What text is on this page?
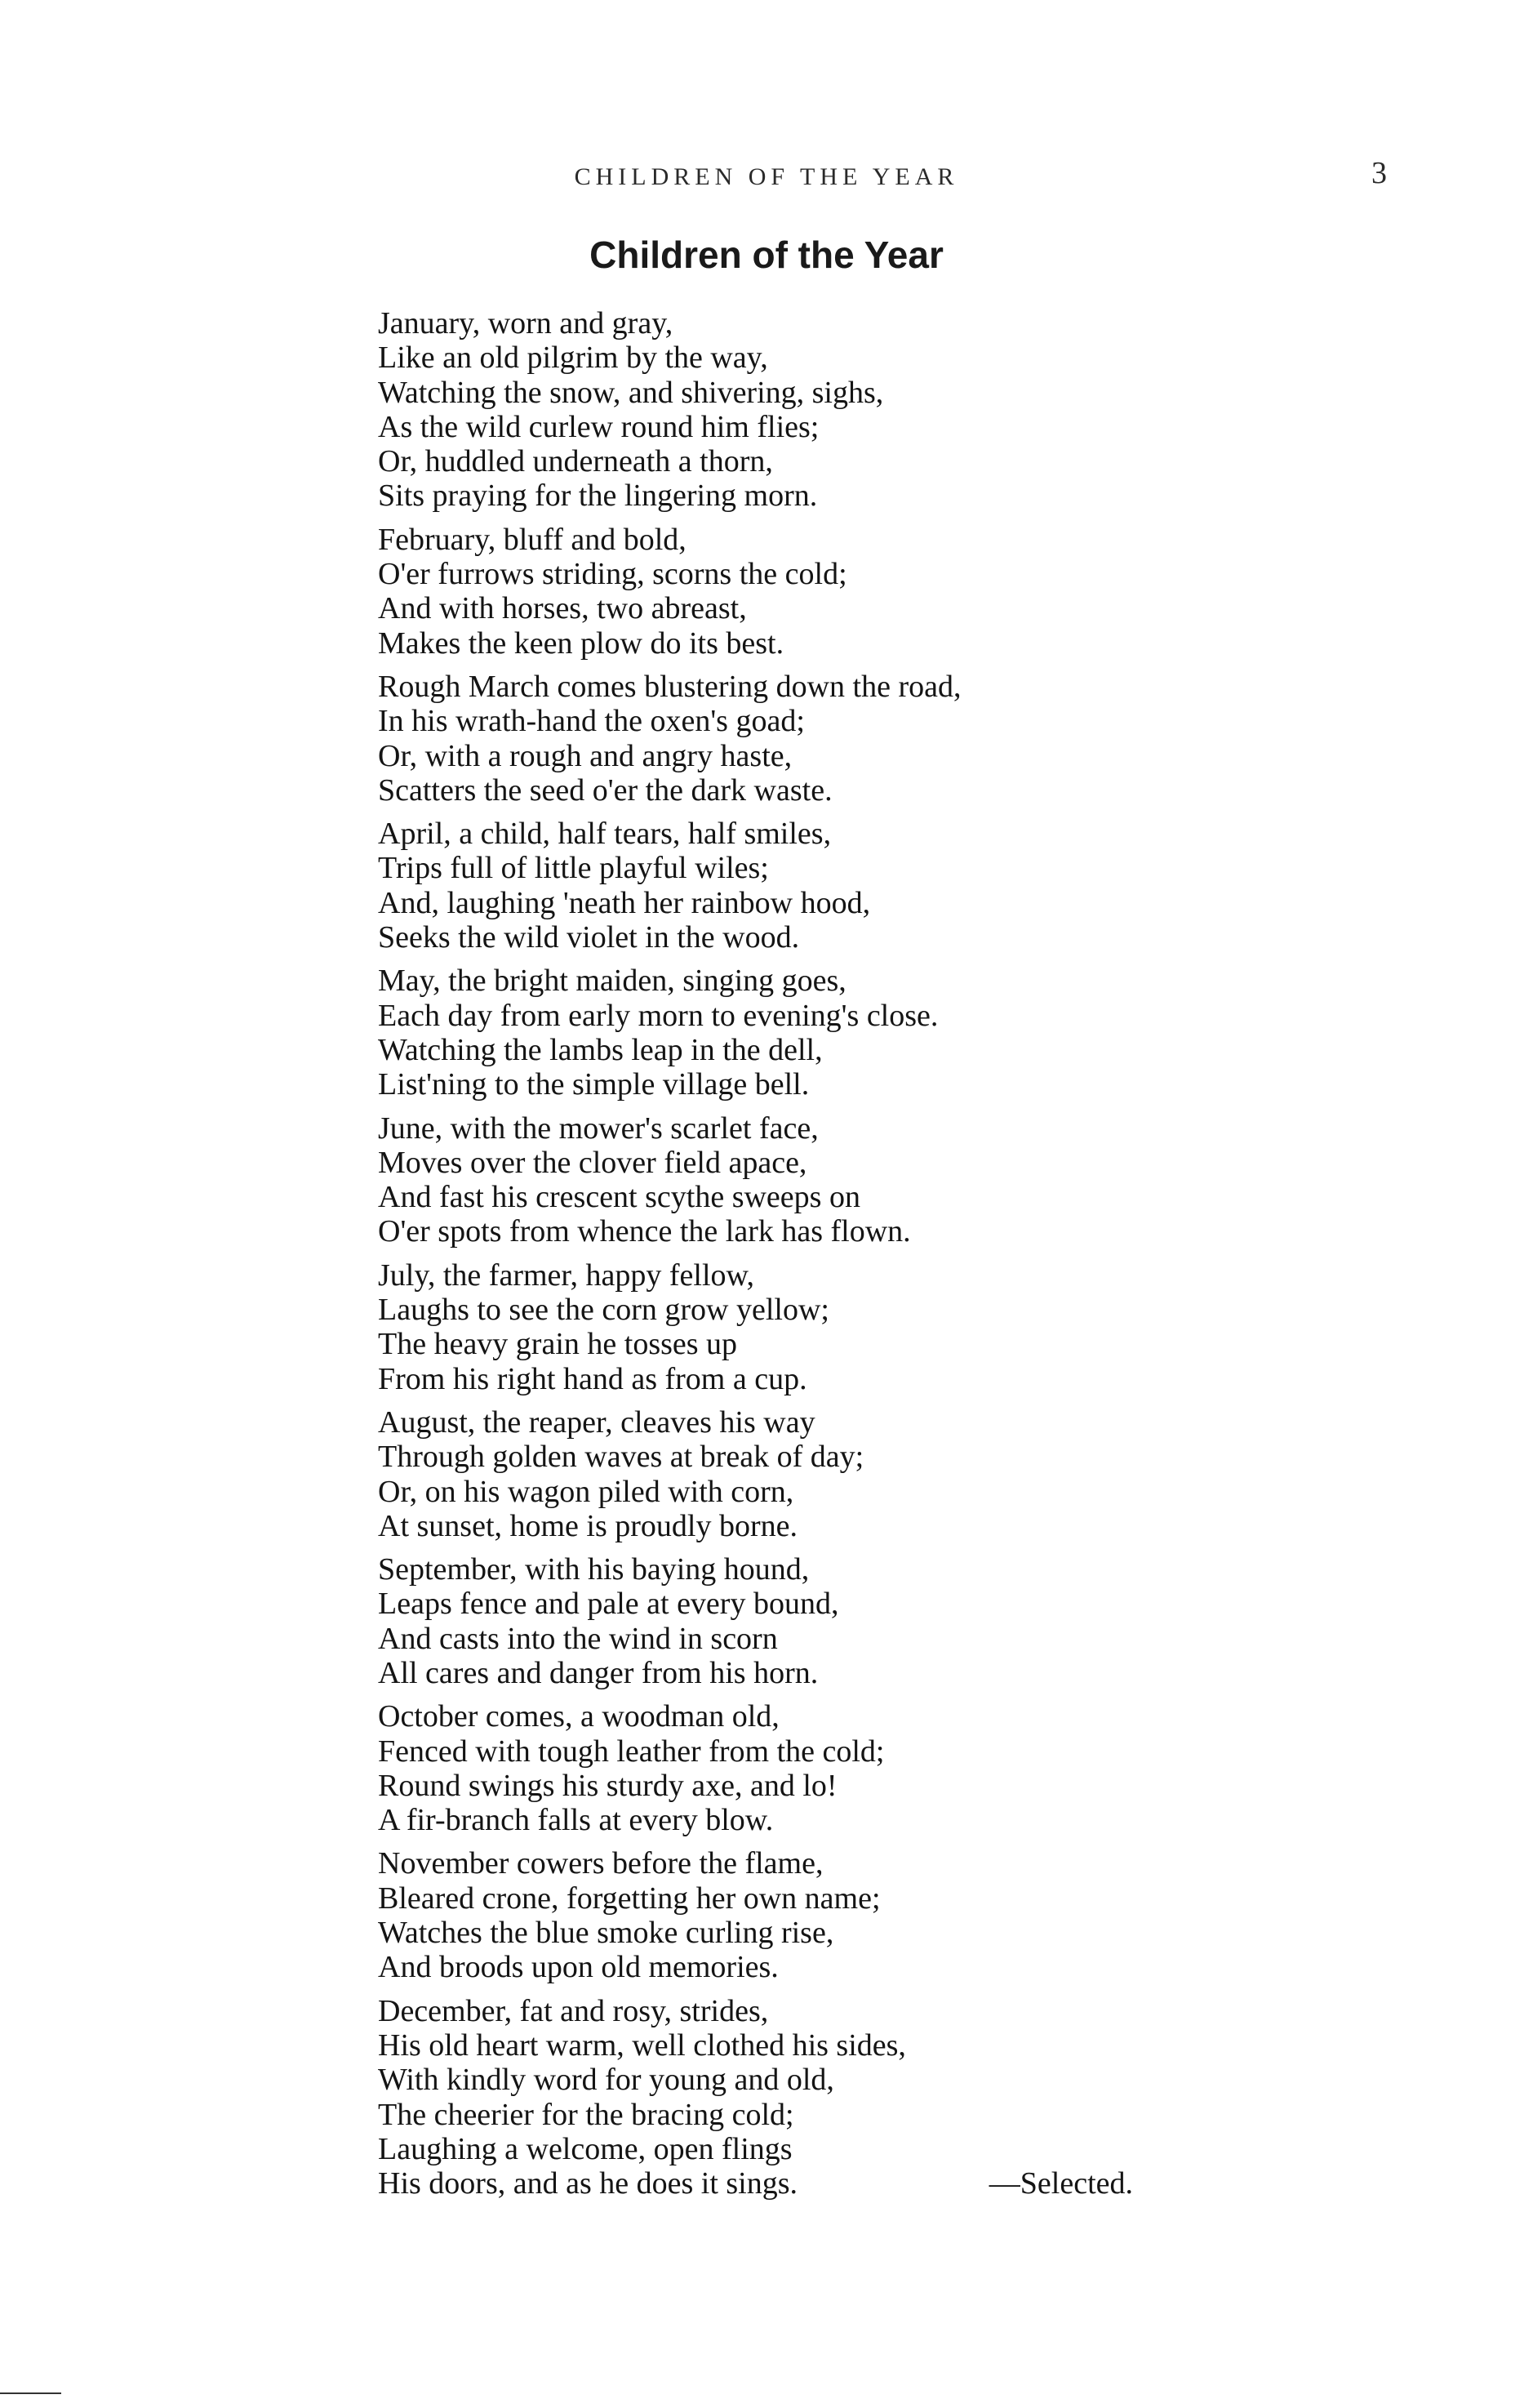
CHILDREN OF THE YEAR	3
Children of the Year
January, worn and gray,
Like an old pilgrim by the way,
Watching the snow, and shivering, sighs,
As the wild curlew round him flies;
Or, huddled underneath a thorn,
Sits praying for the lingering morn.
February, bluff and bold,
O'er furrows striding, scorns the cold;
And with horses, two abreast,
Makes the keen plow do its best.
Rough March comes blustering down the road,
In his wrath-hand the oxen's goad;
Or, with a rough and angry haste,
Scatters the seed o'er the dark waste.
April, a child, half tears, half smiles,
Trips full of little playful wiles;
And, laughing 'neath her rainbow hood,
Seeks the wild violet in the wood.
May, the bright maiden, singing goes,
Each day from early morn to evening's close.
Watching the lambs leap in the dell,
List'ning to the simple village bell.
June, with the mower's scarlet face,
Moves over the clover field apace,
And fast his crescent scythe sweeps on
O'er spots from whence the lark has flown.
July, the farmer, happy fellow,
Laughs to see the corn grow yellow;
The heavy grain he tosses up
From his right hand as from a cup.
August, the reaper, cleaves his way
Through golden waves at break of day;
Or, on his wagon piled with corn,
At sunset, home is proudly borne.
September, with his baying hound,
Leaps fence and pale at every bound,
And casts into the wind in scorn
All cares and danger from his horn.
October comes, a woodman old,
Fenced with tough leather from the cold;
Round swings his sturdy axe, and lo!
A fir-branch falls at every blow.
November cowers before the flame,
Bleared crone, forgetting her own name;
Watches the blue smoke curling rise,
And broods upon old memories.
December, fat and rosy, strides,
His old heart warm, well clothed his sides,
With kindly word for young and old,
The cheerier for the bracing cold;
Laughing a welcome, open flings
His doors, and as he does it sings.	—Selected.
